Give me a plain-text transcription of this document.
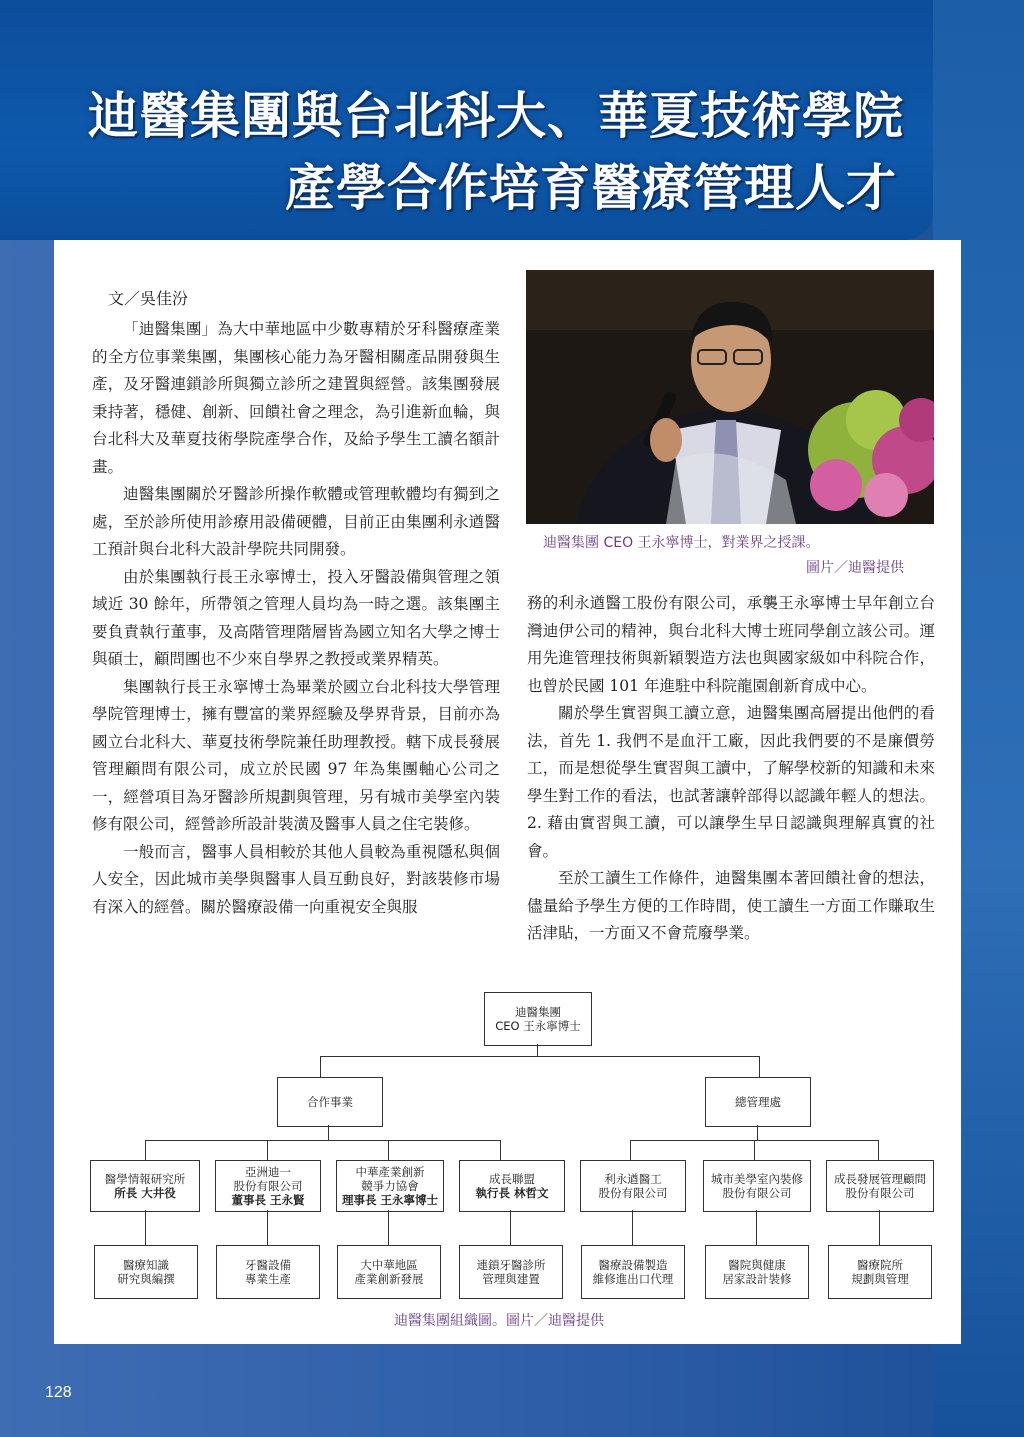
迪醫集團與台北科大、華夏技術學院
產學合作培育醫療管理人才
文／吳佳汾

「迪醫集團」為大中華地區中少數專精於牙科醫療產業的全方位事業集團，集團核心能力為牙醫相關產品開發與生產，及牙醫連鎖診所與獨立診所之建置與經營。該集團發展秉持著，穩健、創新、回饋社會之理念，為引進新血輪，與台北科大及華夏技術學院產學合作，及給予學生工讀名額計畫。

迪醫集團關於牙醫診所操作軟體或管理軟體均有獨到之處，至於診所使用診療用設備硬體，目前正由集團利永遒醫工預計與台北科大設計學院共同開發。

由於集團執行長王永寧博士，投入牙醫設備與管理之領域近 30 餘年，所帶領之管理人員均為一時之選。該集團主要負責執行董事，及高階管理階層皆為國立知名大學之博士與碩士，顧問團也不少來自學界之教授或業界精英。

集團執行長王永寧博士為畢業於國立台北科技大學管理學院管理博士，擁有豐富的業界經驗及學界背景，目前亦為國立台北科大、華夏技術學院兼任助理教授。轄下成長發展管理顧問有限公司，成立於民國 97 年為集團軸心公司之一，經營項目為牙醫診所規劃與管理，另有城市美學室內裝修有限公司，經營診所設計裝潢及醫事人員之住宅裝修。

一般而言，醫事人員相較於其他人員較為重視隱私與個人安全，因此城市美學與醫事人員互動良好，對該裝修市場有深入的經營。關於醫療設備一向重視安全與服

迪醫集團 CEO 王永寧博士，對業界之授課。
圖片／迪醫提供

務的利永遒醫工股份有限公司，承襲王永寧博士早年創立台灣迪伊公司的精神，與台北科大博士班同學創立該公司。運用先進管理技術與新穎製造方法也與國家級如中科院合作，也曾於民國 101 年進駐中科院龍園創新育成中心。

關於學生實習與工讀立意，迪醫集團高層提出他們的看法，首先 1. 我們不是血汗工廠，因此我們要的不是廉價勞工，而是想從學生實習與工讀中，了解學校新的知識和未來學生對工作的看法，也試著讓幹部得以認識年輕人的想法。2. 藉由實習與工讀，可以讓學生早日認識與理解真實的社會。

至於工讀生工作條件，迪醫集團本著回饋社會的想法，儘量給予學生方便的工作時間，使工讀生一方面工作賺取生活津貼，一方面又不會荒廢學業。

迪醫集團
CEO 王永寧博士
合作事業	總管理處
醫學情報研究所
所長 大井役
亞洲迪一
股份有限公司
董事長 王永賢
中華產業創新
競爭力協會
理事長 王永寧博士
成長聯盟
執行長 林哲文
利永遒醫工
股份有限公司
城市美學室內裝修
股份有限公司
成長發展管理顧問
股份有限公司
醫療知識
研究與編撰
牙醫設備
專業生產
大中華地區
產業創新發展
連鎖牙醫診所
管理與建置
醫療設備製造
維修進出口代理
醫院與健康
居家設計裝修
醫療院所
規劃與管理
迪醫集團組織圖。圖片／迪醫提供
128
